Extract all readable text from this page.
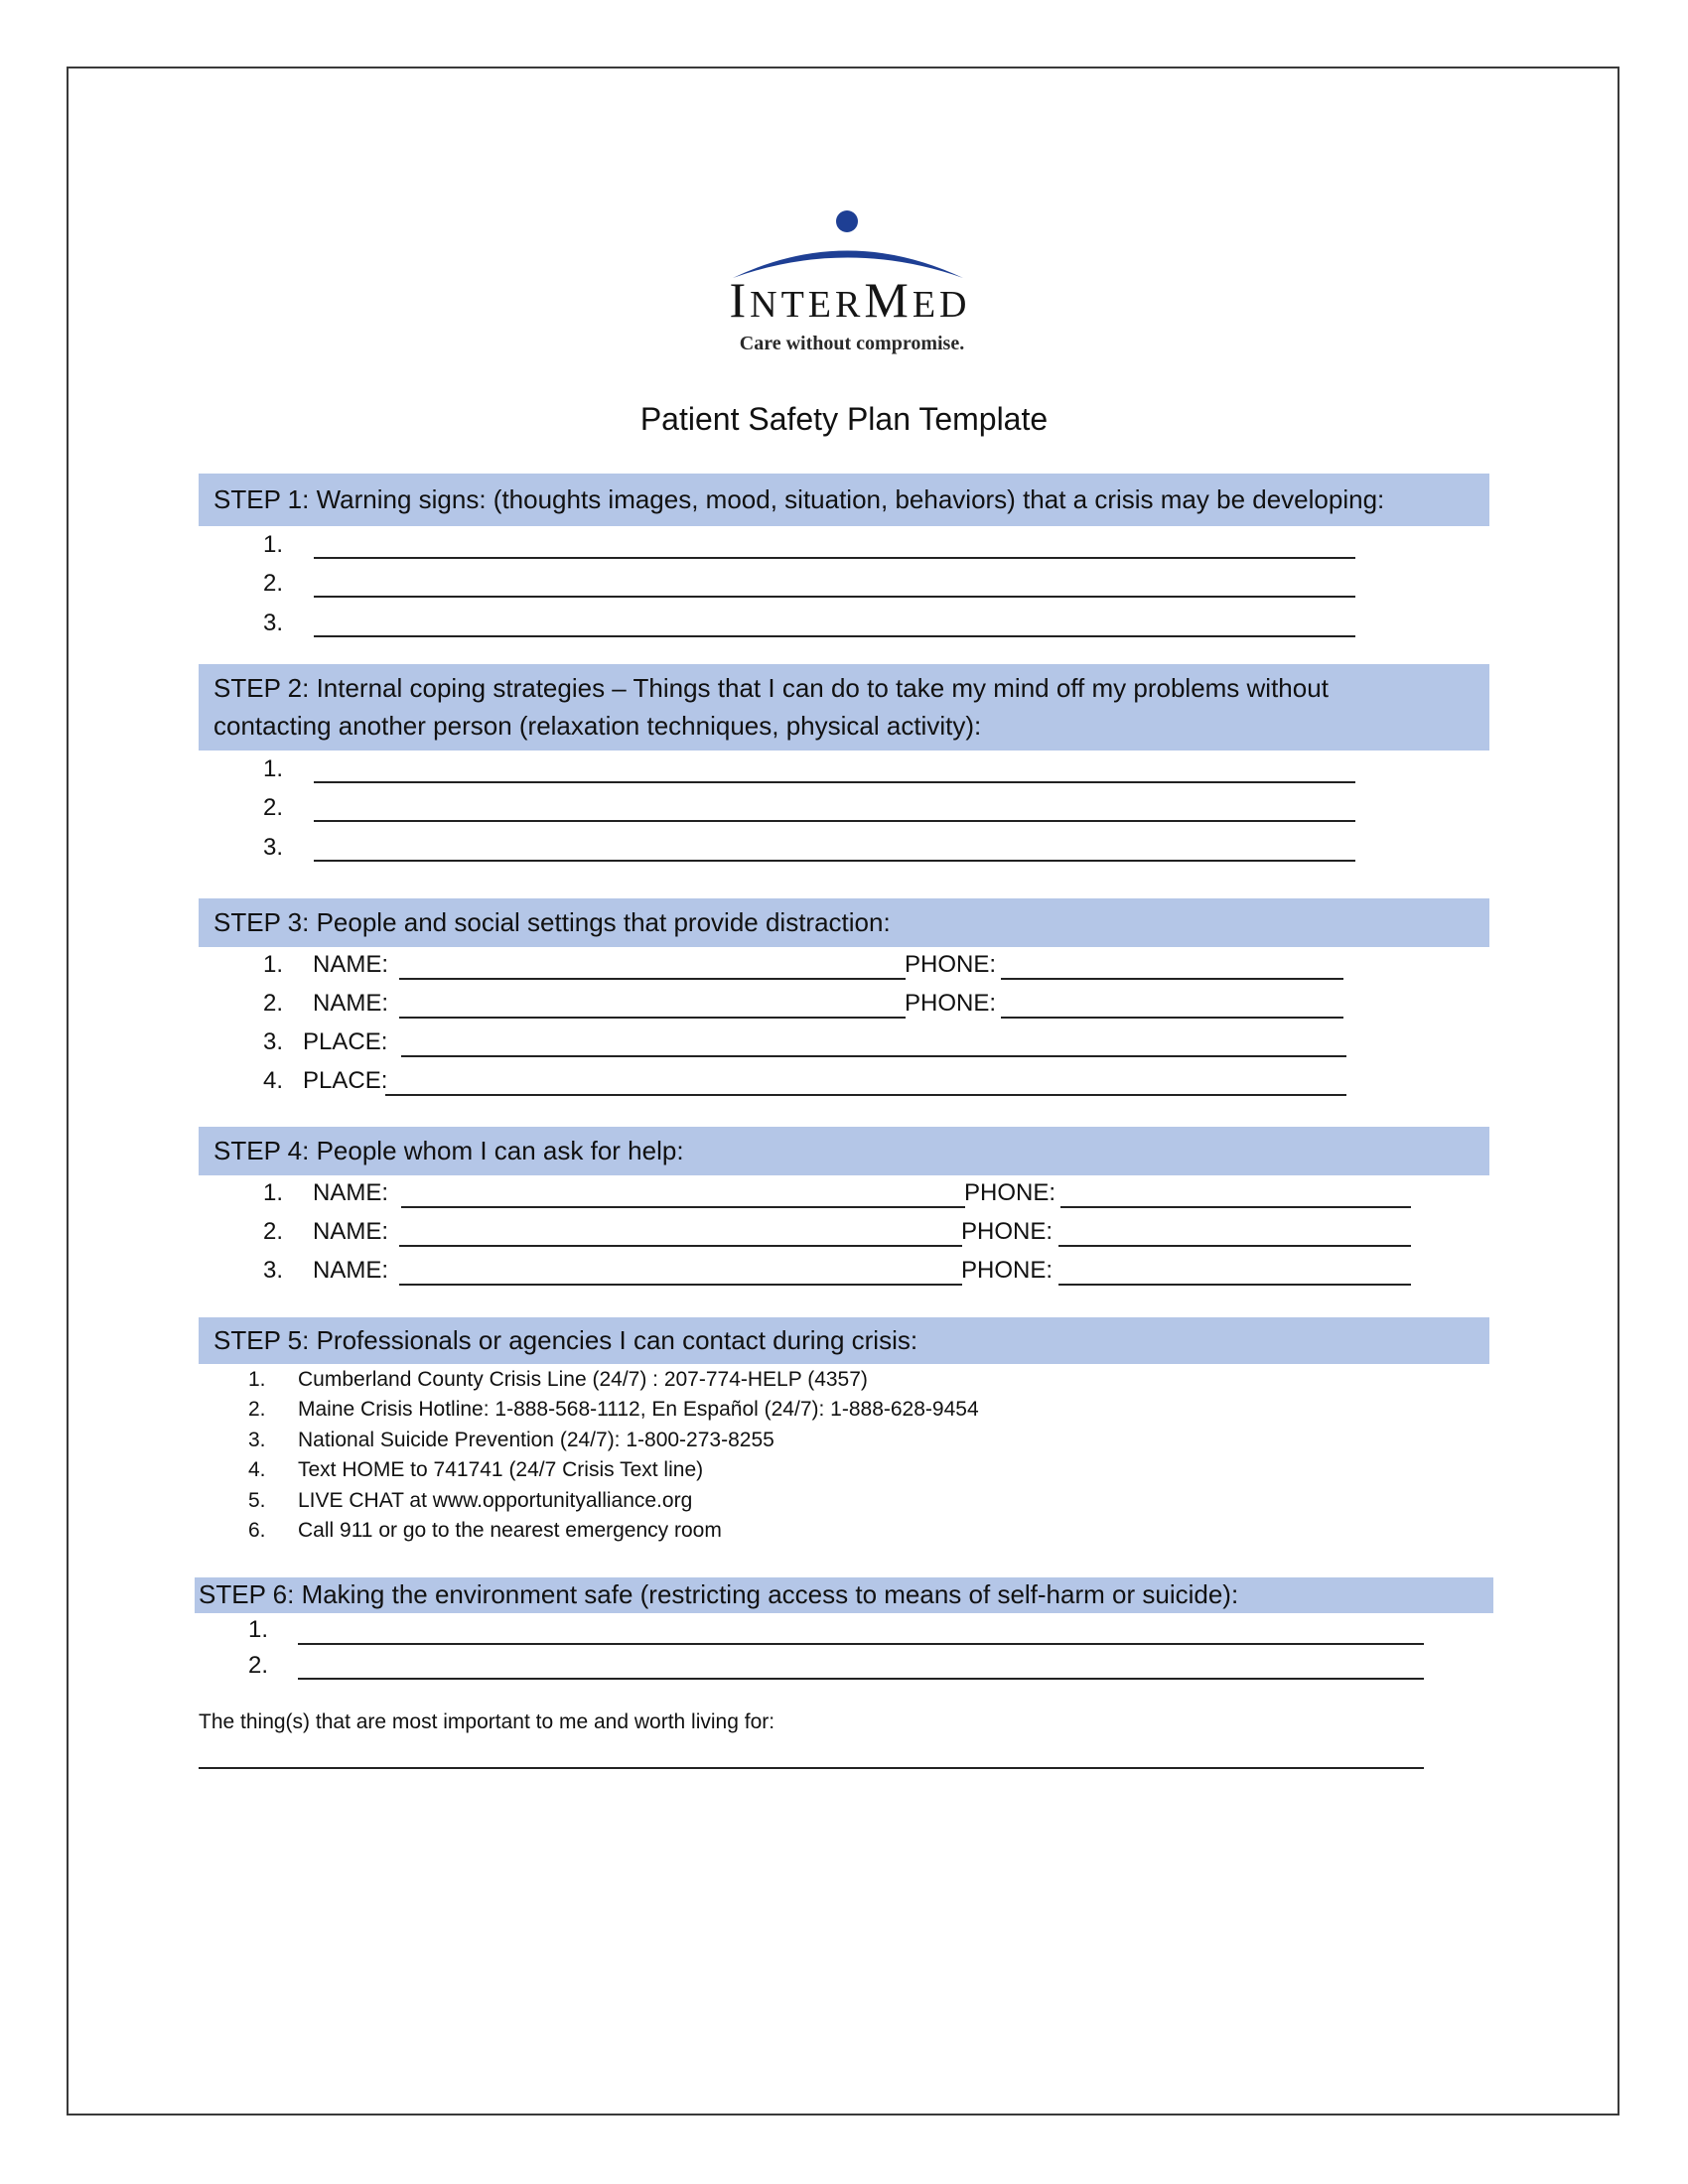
INTERMED
Care without compromise.
Patient Safety Plan Template
STEP 1: Warning signs: (thoughts images, mood, situation, behaviors) that a crisis may be developing:
1.
2.
3.
STEP 2: Internal coping strategies – Things that I can do to take my mind off my problems without
contacting another person (relaxation techniques, physical activity):
1.
2.
3.
STEP 3: People and social settings that provide distraction:
1. NAME:	PHONE:
2. NAME:	PHONE:
3. PLACE:
4. PLACE:
STEP 4: People whom I can ask for help:
1. NAME:	PHONE:
2. NAME:	PHONE:
3. NAME:	PHONE:
STEP 5: Professionals or agencies I can contact during crisis:
1. Cumberland County Crisis Line (24/7) : 207-774-HELP (4357)
2. Maine Crisis Hotline: 1-888-568-1112, En Español (24/7): 1-888-628-9454
3. National Suicide Prevention (24/7): 1-800-273-8255
4. Text HOME to 741741 (24/7 Crisis Text line)
5. LIVE CHAT at www.opportunityalliance.org
6. Call 911 or go to the nearest emergency room
STEP 6: Making the environment safe (restricting access to means of self-harm or suicide):
1.
2.
The thing(s) that are most important to me and worth living for:
